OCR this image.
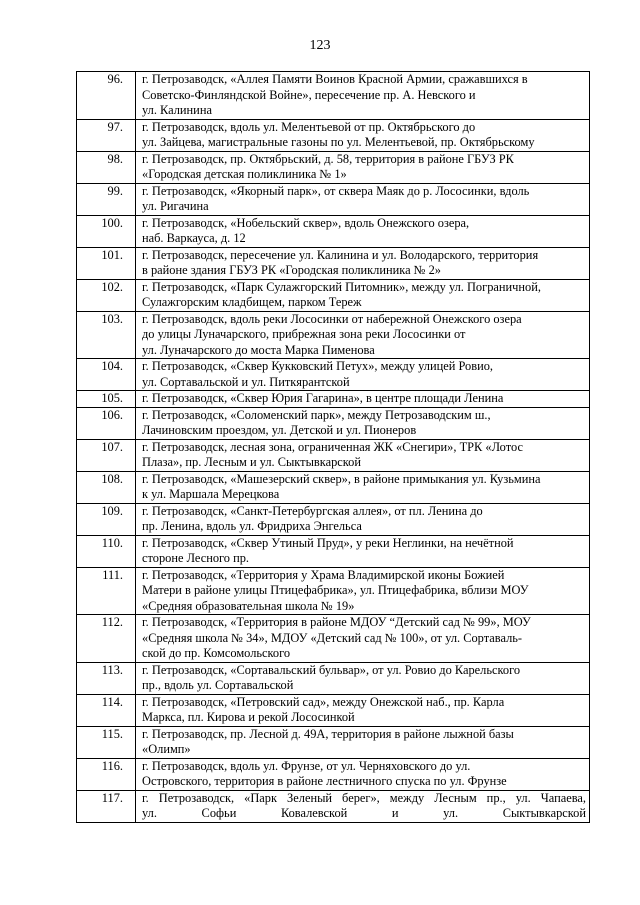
123
96.	г. Петрозаводск, «Аллея Памяти Воинов Красной Армии, сражавшихся в
Советско-Финляндской Войне», пересечение пр. А. Невского и
ул. Калинина

97.	г. Петрозаводск, вдоль ул. Мелентьевой от пр. Октябрьского до
ул. Зайцева, магистральные газоны по ул. Мелентьевой, пр. Октябрьскому

98.	г. Петрозаводск, пр. Октябрьский, д. 58, территория в районе ГБУЗ РК
«Городская детская поликлиника № 1»

99.	г. Петрозаводск, «Якорный парк», от сквера Маяк до р. Лососинки, вдоль
ул. Ригачина

100.	г. Петрозаводск, «Нобельский сквер», вдоль Онежского озера,
наб. Варкауса, д. 12

101.	г. Петрозаводск, пересечение ул. Калинина и ул. Володарского, территория
в районе здания ГБУЗ РК «Городская поликлиника № 2»

102.	г. Петрозаводск, «Парк Сулажгорский Питомник», между ул. Пограничной,
Сулажгорским кладбищем, парком Тереж

103.	г. Петрозаводск, вдоль реки Лососинки от набережной Онежского озера
до улицы Луначарского, прибрежная зона реки Лососинки от
ул. Луначарского до моста Марка Пименова

104.	г. Петрозаводск, «Сквер Кукковский Петух», между улицей Ровио,
ул. Сортавальской и ул. Питкярантской

105.	г. Петрозаводск, «Сквер Юрия Гагарина», в центре площади Ленина

106.	г. Петрозаводск, «Соломенский парк», между Петрозаводским ш.,
Лачиновским проездом, ул. Детской и ул. Пионеров

107.	г. Петрозаводск, лесная зона, ограниченная ЖК «Снегири», ТРК «Лотос
Плаза», пр. Лесным и ул. Сыктывкарской

108.	г. Петрозаводск, «Машезерский сквер», в районе примыкания ул. Кузьмина
к ул. Маршала Мерецкова

109.	г. Петрозаводск, «Санкт-Петербургская аллея», от пл. Ленина до
пр. Ленина, вдоль ул. Фридриха Энгельса

110.	г. Петрозаводск, «Сквер Утиный Пруд», у реки Неглинки, на нечётной
стороне Лесного пр.

111.	г. Петрозаводск, «Территория у Храма Владимирской иконы Божией
Матери в районе улицы Птицефабрика», ул. Птицефабрика, вблизи МОУ
«Средняя образовательная школа № 19»

112.	г. Петрозаводск, «Территория в районе МДОУ “Детский сад № 99», МОУ
«Средняя школа № 34», МДОУ «Детский сад № 100», от ул. Сортаваль-
ской до пр. Комсомольского

113.	г. Петрозаводск, «Сортавальский бульвар», от ул. Ровио до Карельского
пр., вдоль ул. Сортавальской

114.	г. Петрозаводск, «Петровский сад», между Онежской наб., пр. Карла
Маркса, пл. Кирова и рекой Лососинкой

115.	г. Петрозаводск, пр. Лесной д. 49А, территория в районе лыжной базы
«Олимп»

116.	г. Петрозаводск, вдоль ул. Фрунзе, от ул. Черняховского до ул.
Островского, территория в районе лестничного спуска по ул. Фрунзе

117.	г. Петрозаводск, «Парк Зеленый берег», между Лесным пр., ул. Чапаева,
ул. Софьи Ковалевской и ул. Сыктывкарской
